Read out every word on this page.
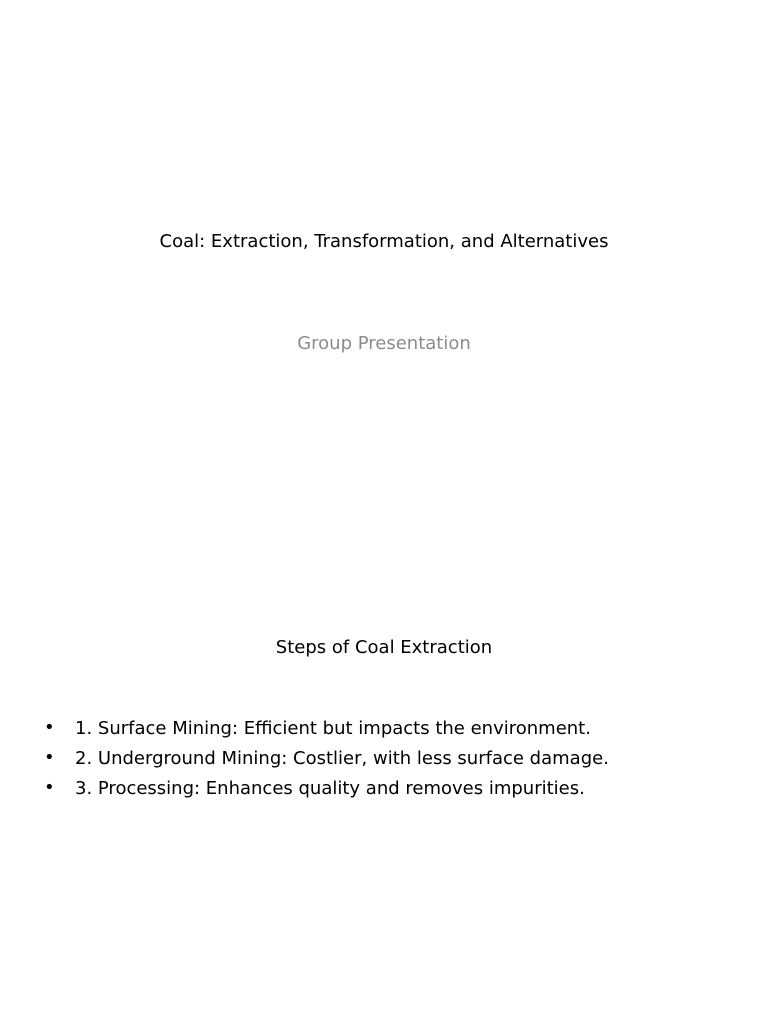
Coal: Extraction, Transformation, and Alternatives
Group Presentation
Steps of Coal Extraction
•	1. Surface Mining: Efficient but impacts the environment.
•	2. Underground Mining: Costlier, with less surface damage.
•	3. Processing: Enhances quality and removes impurities.
